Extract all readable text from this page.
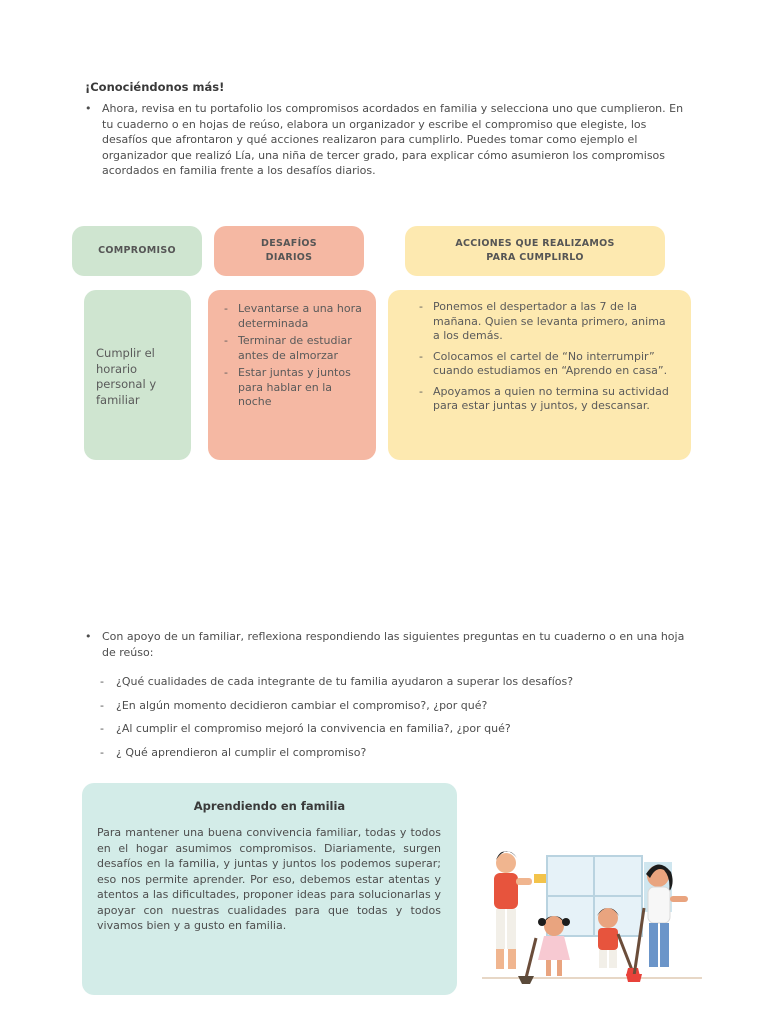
¡Conociéndonos más!
• Ahora, revisa en tu portafolio los compromisos acordados en familia y selecciona uno que cumplieron. En tu cuaderno o en hojas de reúso, elabora un organizador y escribe el compromiso que elegiste, los desafíos que afrontaron y qué acciones realizaron para cumplirlo. Puedes tomar como ejemplo el organizador que realizó Lía, una niña de tercer grado, para explicar cómo asumieron los compromisos acordados en familia frente a los desafíos diarios.
COMPROMISO
DESAFÍOS DIARIOS
ACCIONES QUE REALIZAMOS PARA CUMPLIRLO
Cumplir el horario personal y familiar
- Levantarse a una hora determinada
- Terminar de estudiar antes de almorzar
- Estar juntas y juntos para hablar en la noche
- Ponemos el despertador a las 7 de la mañana. Quien se levanta primero, anima a los demás.
- Colocamos el cartel de “No interrumpir” cuando estudiamos en “Aprendo en casa”.
- Apoyamos a quien no termina su actividad para estar juntas y juntos, y descansar.
• Con apoyo de un familiar, reflexiona respondiendo las siguientes preguntas en tu cuaderno o en una hoja de reúso:
- ¿Qué cualidades de cada integrante de tu familia ayudaron a superar los desafíos?
- ¿En algún momento decidieron cambiar el compromiso?, ¿por qué?
- ¿Al cumplir el compromiso mejoró la convivencia en familia?, ¿por qué?
- ¿ Qué aprendieron al cumplir el compromiso?
Aprendiendo en familia
Para mantener una buena convivencia familiar, todas y todos en el hogar asumimos compromisos. Diariamente, surgen desafíos en la familia, y juntas y juntos los podemos superar; eso nos permite aprender. Por eso, debemos estar atentas y atentos a las dificultades, proponer ideas para solucionarlas y apoyar con nuestras cualidades para que todas y todos vivamos bien y a gusto en familia.
